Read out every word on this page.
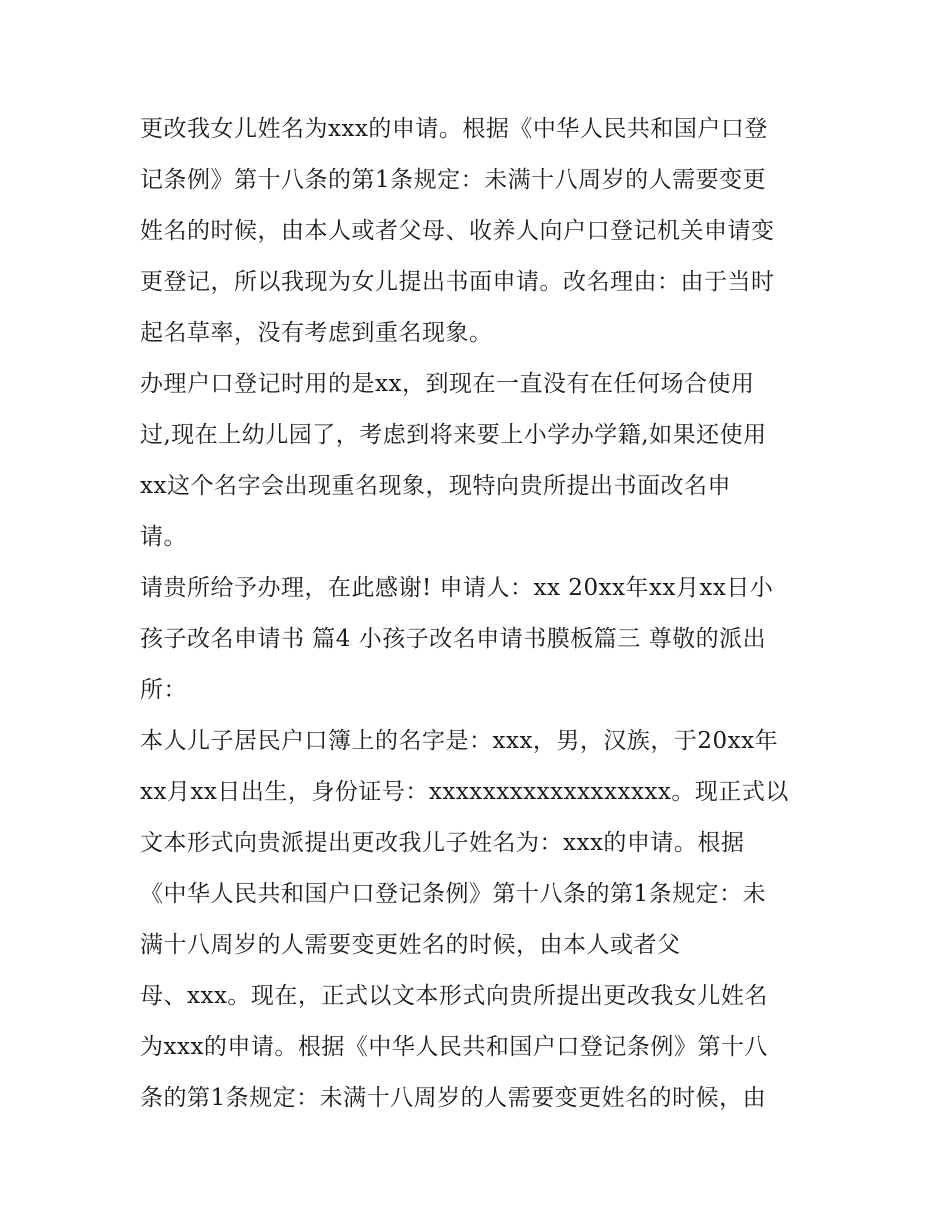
更改我女儿姓名为xxx的申请。根据《中华人民共和国户口登
记条例》第十八条的第1条规定：未满十八周岁的人需要变更
姓名的时候，由本人或者父母、收养人向户口登记机关申请变
更登记，所以我现为女儿提出书面申请。改名理由：由于当时
起名草率，没有考虑到重名现象。
办理户口登记时用的是xx，到现在一直没有在任何场合使用
过,现在上幼儿园了，考虑到将来要上小学办学籍,如果还使用
xx这个名字会出现重名现象，现特向贵所提出书面改名申
请。
请贵所给予办理，在此感谢! 申请人：xx 20xx年xx月xx日小
孩子改名申请书 篇4 小孩子改名申请书膜板篇三 尊敬的派出
所：
本人儿子居民户口簿上的名字是：xxx，男，汉族，于20xx年
xx月xx日出生，身份证号：xxxxxxxxxxxxxxxxxx。现正式以
文本形式向贵派提出更改我儿子姓名为：xxx的申请。根据
《中华人民共和国户口登记条例》第十八条的第1条规定：未
满十八周岁的人需要变更姓名的时候，由本人或者父
母、xxx。现在，正式以文本形式向贵所提出更改我女儿姓名
为xxx的申请。根据《中华人民共和国户口登记条例》第十八
条的第1条规定：未满十八周岁的人需要变更姓名的时候，由
